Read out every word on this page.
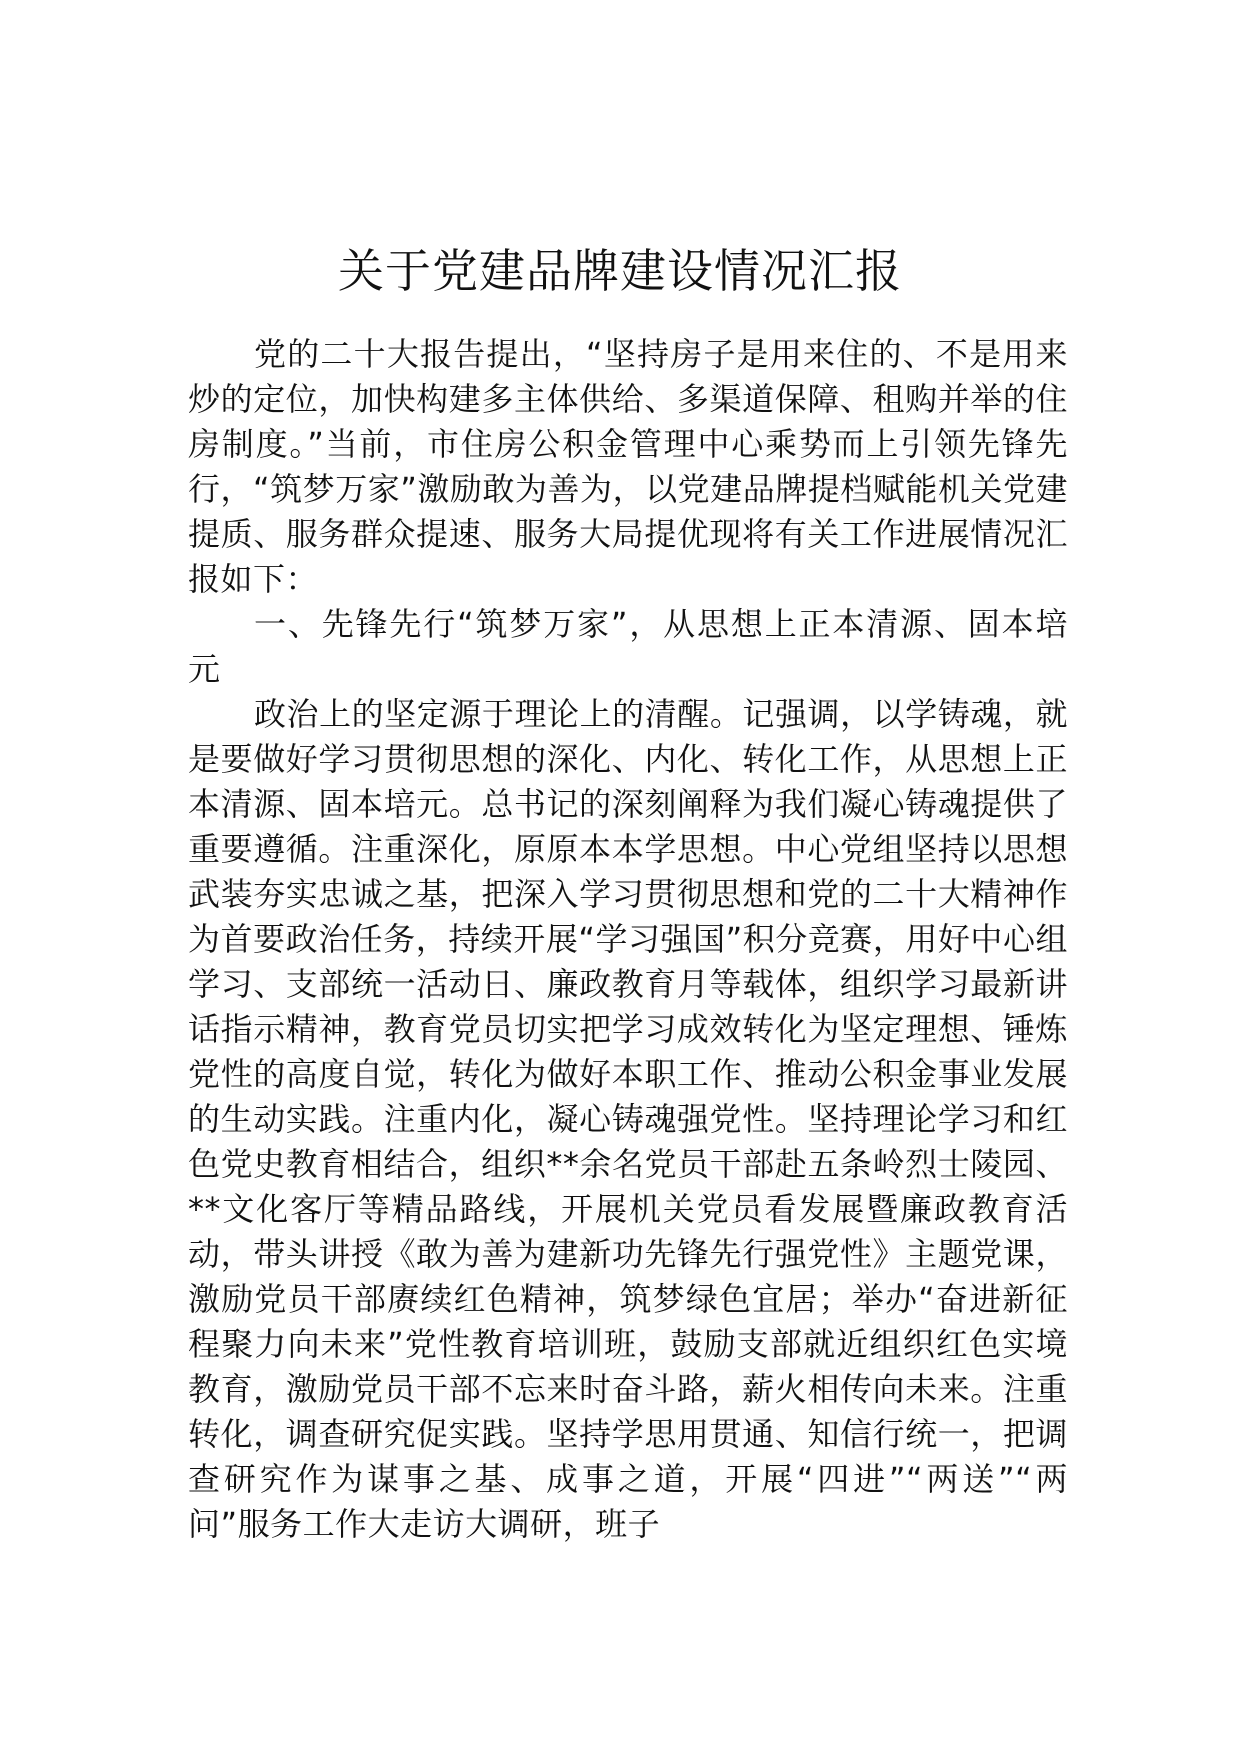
关于党建品牌建设情况汇报

党的二十大报告提出，“坚持房子是用来住的、不是用来炒的定位，加快构建多主体供给、多渠道保障、租购并举的住房制度。”当前，市住房公积金管理中心乘势而上引领先锋先行，“筑梦万家”激励敢为善为，以党建品牌提档赋能机关党建提质、服务群众提速、服务大局提优现将有关工作进展情况汇报如下：

一、先锋先行“筑梦万家”，从思想上正本清源、固本培元

政治上的坚定源于理论上的清醒。记强调，以学铸魂，就是要做好学习贯彻思想的深化、内化、转化工作，从思想上正本清源、固本培元。总书记的深刻阐释为我们凝心铸魂提供了重要遵循。注重深化，原原本本学思想。中心党组坚持以思想武装夯实忠诚之基，把深入学习贯彻思想和党的二十大精神作为首要政治任务，持续开展“学习强国”积分竞赛，用好中心组学习、支部统一活动日、廉政教育月等载体，组织学习最新讲话指示精神，教育党员切实把学习成效转化为坚定理想、锤炼党性的高度自觉，转化为做好本职工作、推动公积金事业发展的生动实践。注重内化，凝心铸魂强党性。坚持理论学习和红色党史教育相结合，组织**余名党员干部赴五条岭烈士陵园、**文化客厅等精品路线，开展机关党员看发展暨廉政教育活动，带头讲授《敢为善为建新功先锋先行强党性》主题党课，激励党员干部赓续红色精神，筑梦绿色宜居；举办“奋进新征程聚力向未来”党性教育培训班，鼓励支部就近组织红色实境教育，激励党员干部不忘来时奋斗路，薪火相传向未来。注重转化，调查研究促实践。坚持学思用贯通、知信行统一，把调查研究作为谋事之基、成事之道，开展“四进”“两送”“两问”服务工作大走访大调研，班子
